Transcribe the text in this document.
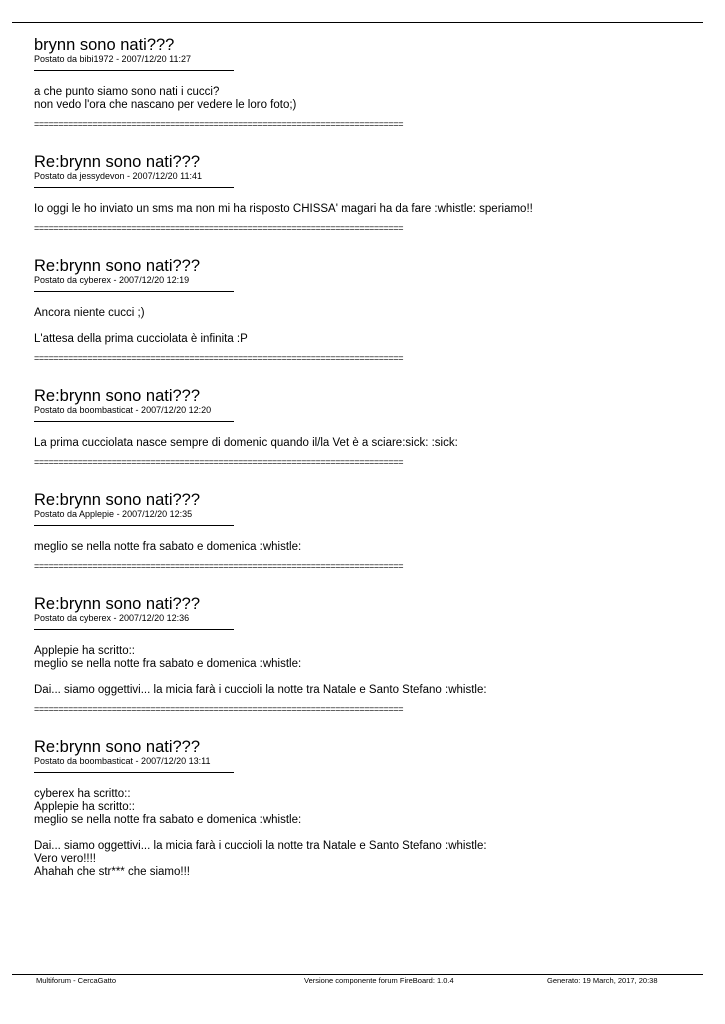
brynn sono nati???
Postato da bibi1972 - 2007/12/20 11:27

a che punto siamo sono nati i cucci?

non vedo l'ora che nascano per vedere le loro foto;)

============================================================================
Re:brynn sono nati???
Postato da jessydevon - 2007/12/20 11:41

Io oggi le ho inviato un sms ma non mi ha risposto CHISSA' magari ha da fare :whistle: speriamo!!

============================================================================
Re:brynn sono nati???
Postato da cyberex - 2007/12/20 12:19

Ancora niente cucci ;)

L'attesa della prima cucciolata è infinita :P

============================================================================
Re:brynn sono nati???
Postato da boombasticat - 2007/12/20 12:20

La prima cucciolata nasce sempre di domenic quando il/la Vet è a sciare:sick: :sick:

============================================================================
Re:brynn sono nati???
Postato da Applepie - 2007/12/20 12:35

meglio se nella notte fra sabato e domenica :whistle:

============================================================================
Re:brynn sono nati???
Postato da cyberex - 2007/12/20 12:36

Applepie ha scritto::

meglio se nella notte fra sabato e domenica :whistle:

Dai... siamo oggettivi... la micia farà i cuccioli la notte tra Natale e Santo Stefano :whistle:

============================================================================
Re:brynn sono nati???
Postato da boombasticat - 2007/12/20 13:11

cyberex ha scritto::

Applepie ha scritto::

meglio se nella notte fra sabato e domenica :whistle:

Dai... siamo oggettivi... la micia farà i cuccioli la notte tra Natale e Santo Stefano :whistle:

Vero vero!!!!

Ahahah che str*** che siamo!!!

Multiforum - CercaGatto	Versione componente forum FireBoard: 1.0.4	Generato: 19 March, 2017, 20:38
